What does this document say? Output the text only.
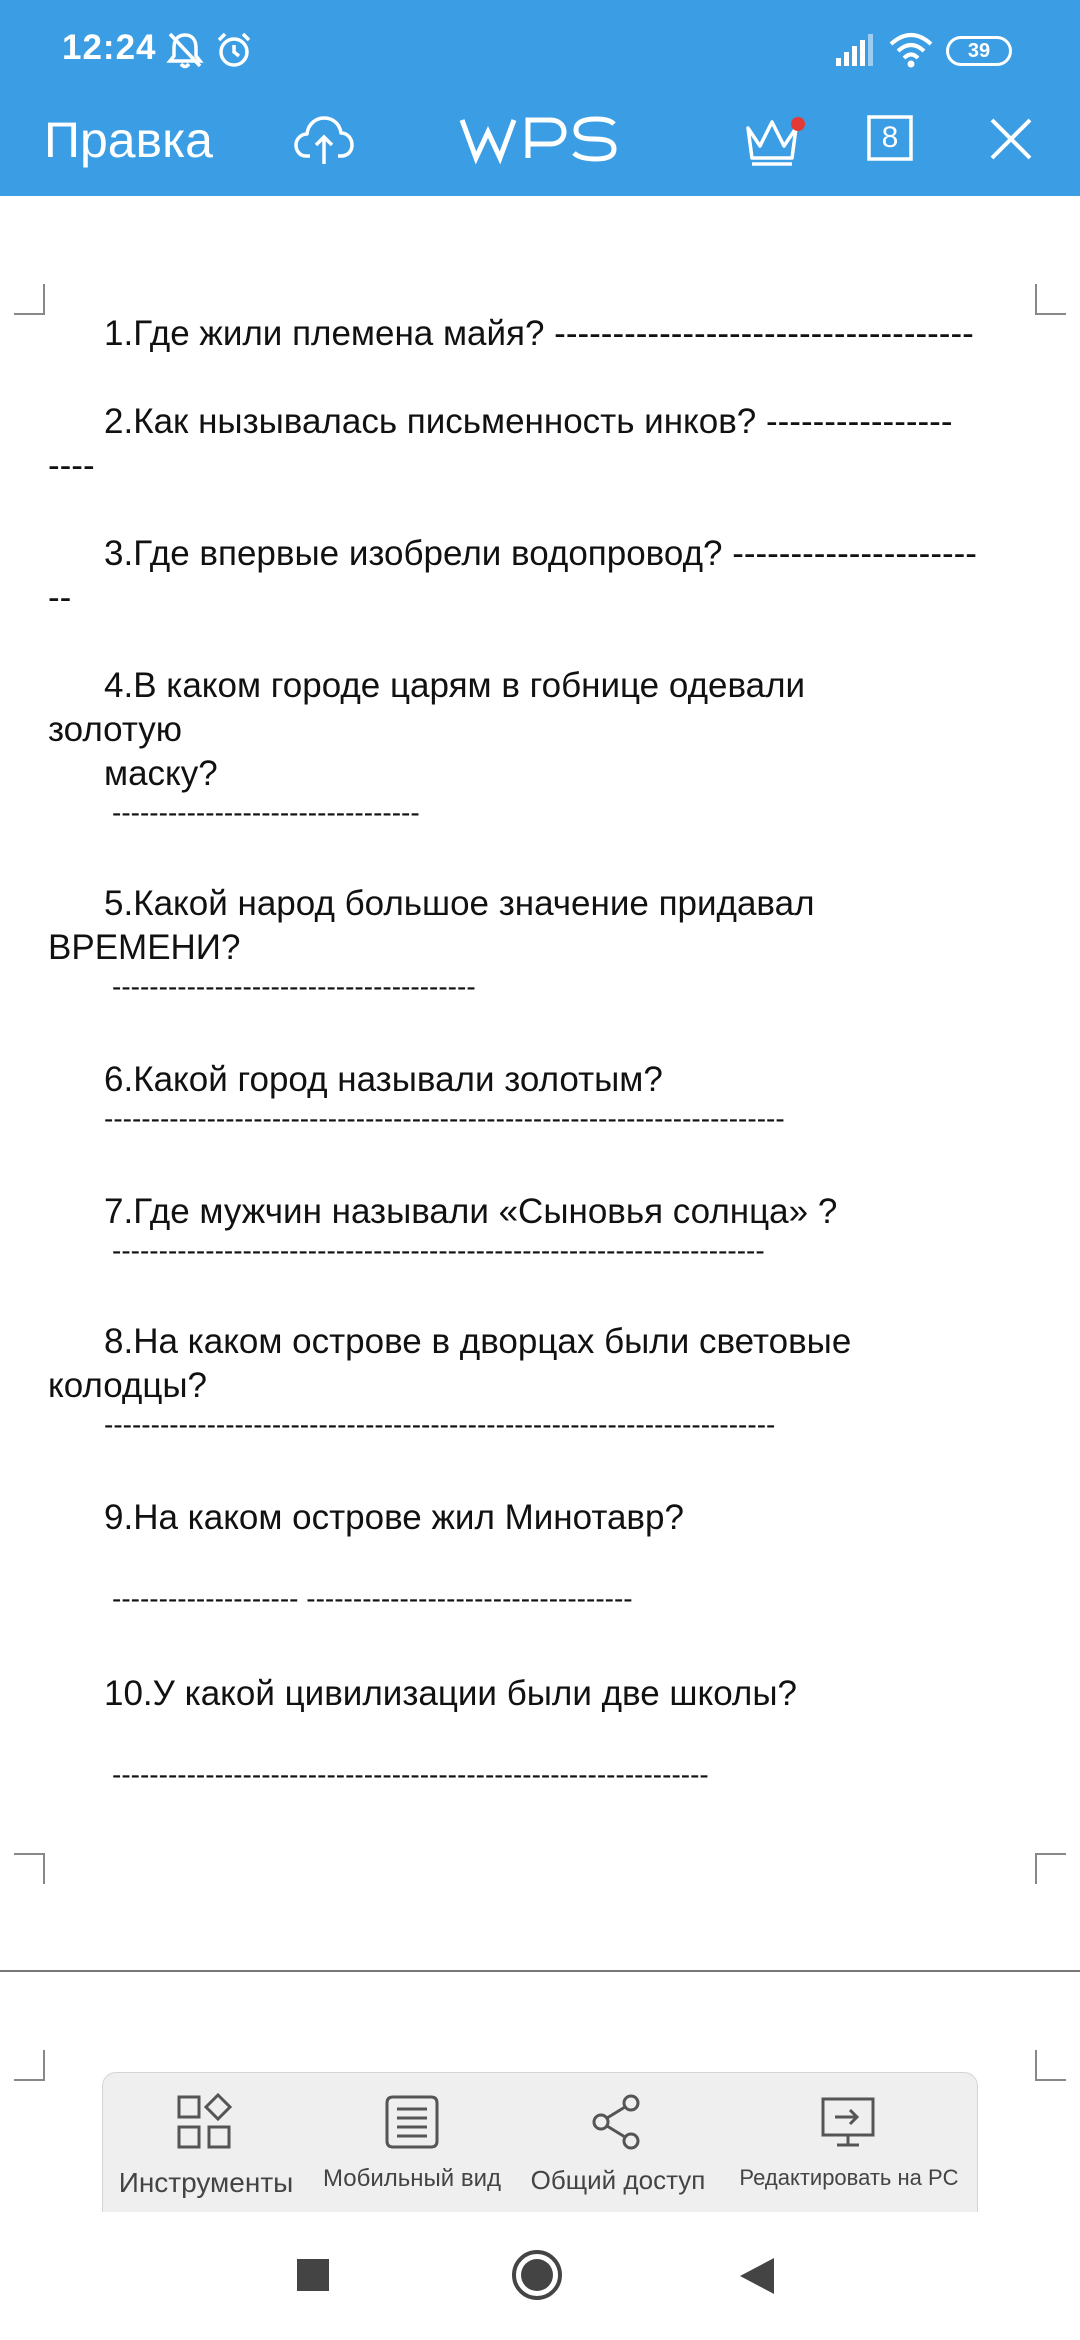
12:24	39
Правка	8
1.Где жили племена майя? ------------------------------------
2.Как нызывалась письменность инков? ----------------
----
3.Где впервые изобрели водопровод? ---------------------
--
4.В каком городе царям в гобнице одевали
золотую
маску?
---------------------------------
5.Какой народ большое значение придавал
ВРЕМЕНИ?
---------------------------------------
6.Какой город называли золотым?
-------------------------------------------------------------------------
7.Где мужчин называли «Сыновья солнца» ?
----------------------------------------------------------------------
8.На каком острове в дворцах были световые
колодцы?
------------------------------------------------------------------------
9.На каком острове жил Минотавр?
-------------------- -----------------------------------
10.У какой цивилизации были две школы?
----------------------------------------------------------------
Инструменты	Мобильный вид	Общий доступ	Редактировать на PC
